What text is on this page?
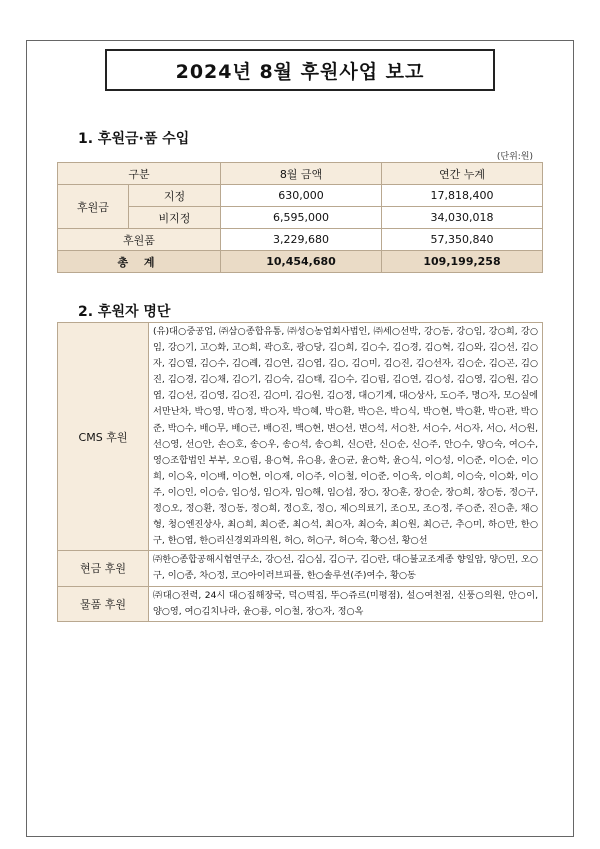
2024년 8월 후원사업 보고
1. 후원금·품 수입
(단위:원)
구분		8월 금액	연간 누계
후원금	지정	630,000	17,818,400
	비지정	6,595,000	34,030,018
후원품		3,229,680	57,350,840
총 계		10,454,680	109,199,258
2. 후원자 명단
CMS 후원	(유)대○중공업, ㈜삼○종합유통, ㈜성○농업회사법인, ㈜세○선박, 강○동, 강○임, 강○희, 강○임, 강○기, 고○화, 고○희, 곽○호, 광○당, 김○희, 김○수, 김○경, 김○혁, 김○와, 김○선, 김○자, 김○열, 김○수, 김○례, 김○연, 김○엽, 김○, 김○미, 김○진, 김○선자, 김○순, 김○곤, 김○진, 김○경, 김○채, 김○기, 김○숙, 김○태, 김○수, 김○림, 김○연, 김○성, 김○영, 김○원, 김○엽, 김○선, 김○영, 김○진, 김○미, 김○원, 김○정, 대○기계, 대○상사, 도○주, 명○자, 모○실에서만난차, 박○영, 박○정, 박○자, 박○혜, 박○환, 박○은, 박○식, 박○현, 박○환, 박○관, 박○준, 박○수, 배○무, 배○근, 배○진, 백○현, 변○선, 변○석, 서○찬, 서○수, 서○자, 서○, 서○원, 선○영, 선○안, 손○호, 송○우, 송○석, 송○희, 신○란, 신○순, 신○주, 안○수, 양○숙, 여○수, 영○조합법인 부부, 오○림, 용○혁, 유○용, 윤○균, 윤○학, 윤○식, 이○성, 이○준, 이○순, 이○희, 이○옥, 이○배, 이○현, 이○재, 이○주, 이○철, 이○준, 이○욱, 이○희, 이○숙, 이○화, 이○주, 이○인, 이○승, 임○성, 임○자, 임○해, 임○섭, 장○, 장○훈, 장○순, 장○희, 장○동, 정○구, 정○오, 정○환, 정○동, 정○희, 정○호, 정○, 제○의료기, 조○모, 조○정, 주○준, 진○춘, 채○형, 청○엔진상사, 최○희, 최○준, 최○석, 최○자, 최○숙, 최○원, 최○근, 추○미, 하○만, 한○구, 한○엽, 한○리신경외과의원, 허○, 허○구, 허○숙, 황○선, 황○선
현금 후원	㈜한○종합공해시험연구소, 강○선, 김○심, 김○구, 김○란, 대○불교조계종 향일암, 양○민, 오○구, 이○종, 차○정, 코○아이러브피플, 한○솔루션(주)여수, 황○동
물품 후원	㈜대○전력, 24시 대○집해장국, 덕○떡집, 뚜○쥬르(미평점), 설○여천점, 신풍○의원, 안○이, 양○영, 여○김치나라, 윤○룡, 이○철, 장○자, 정○옥
